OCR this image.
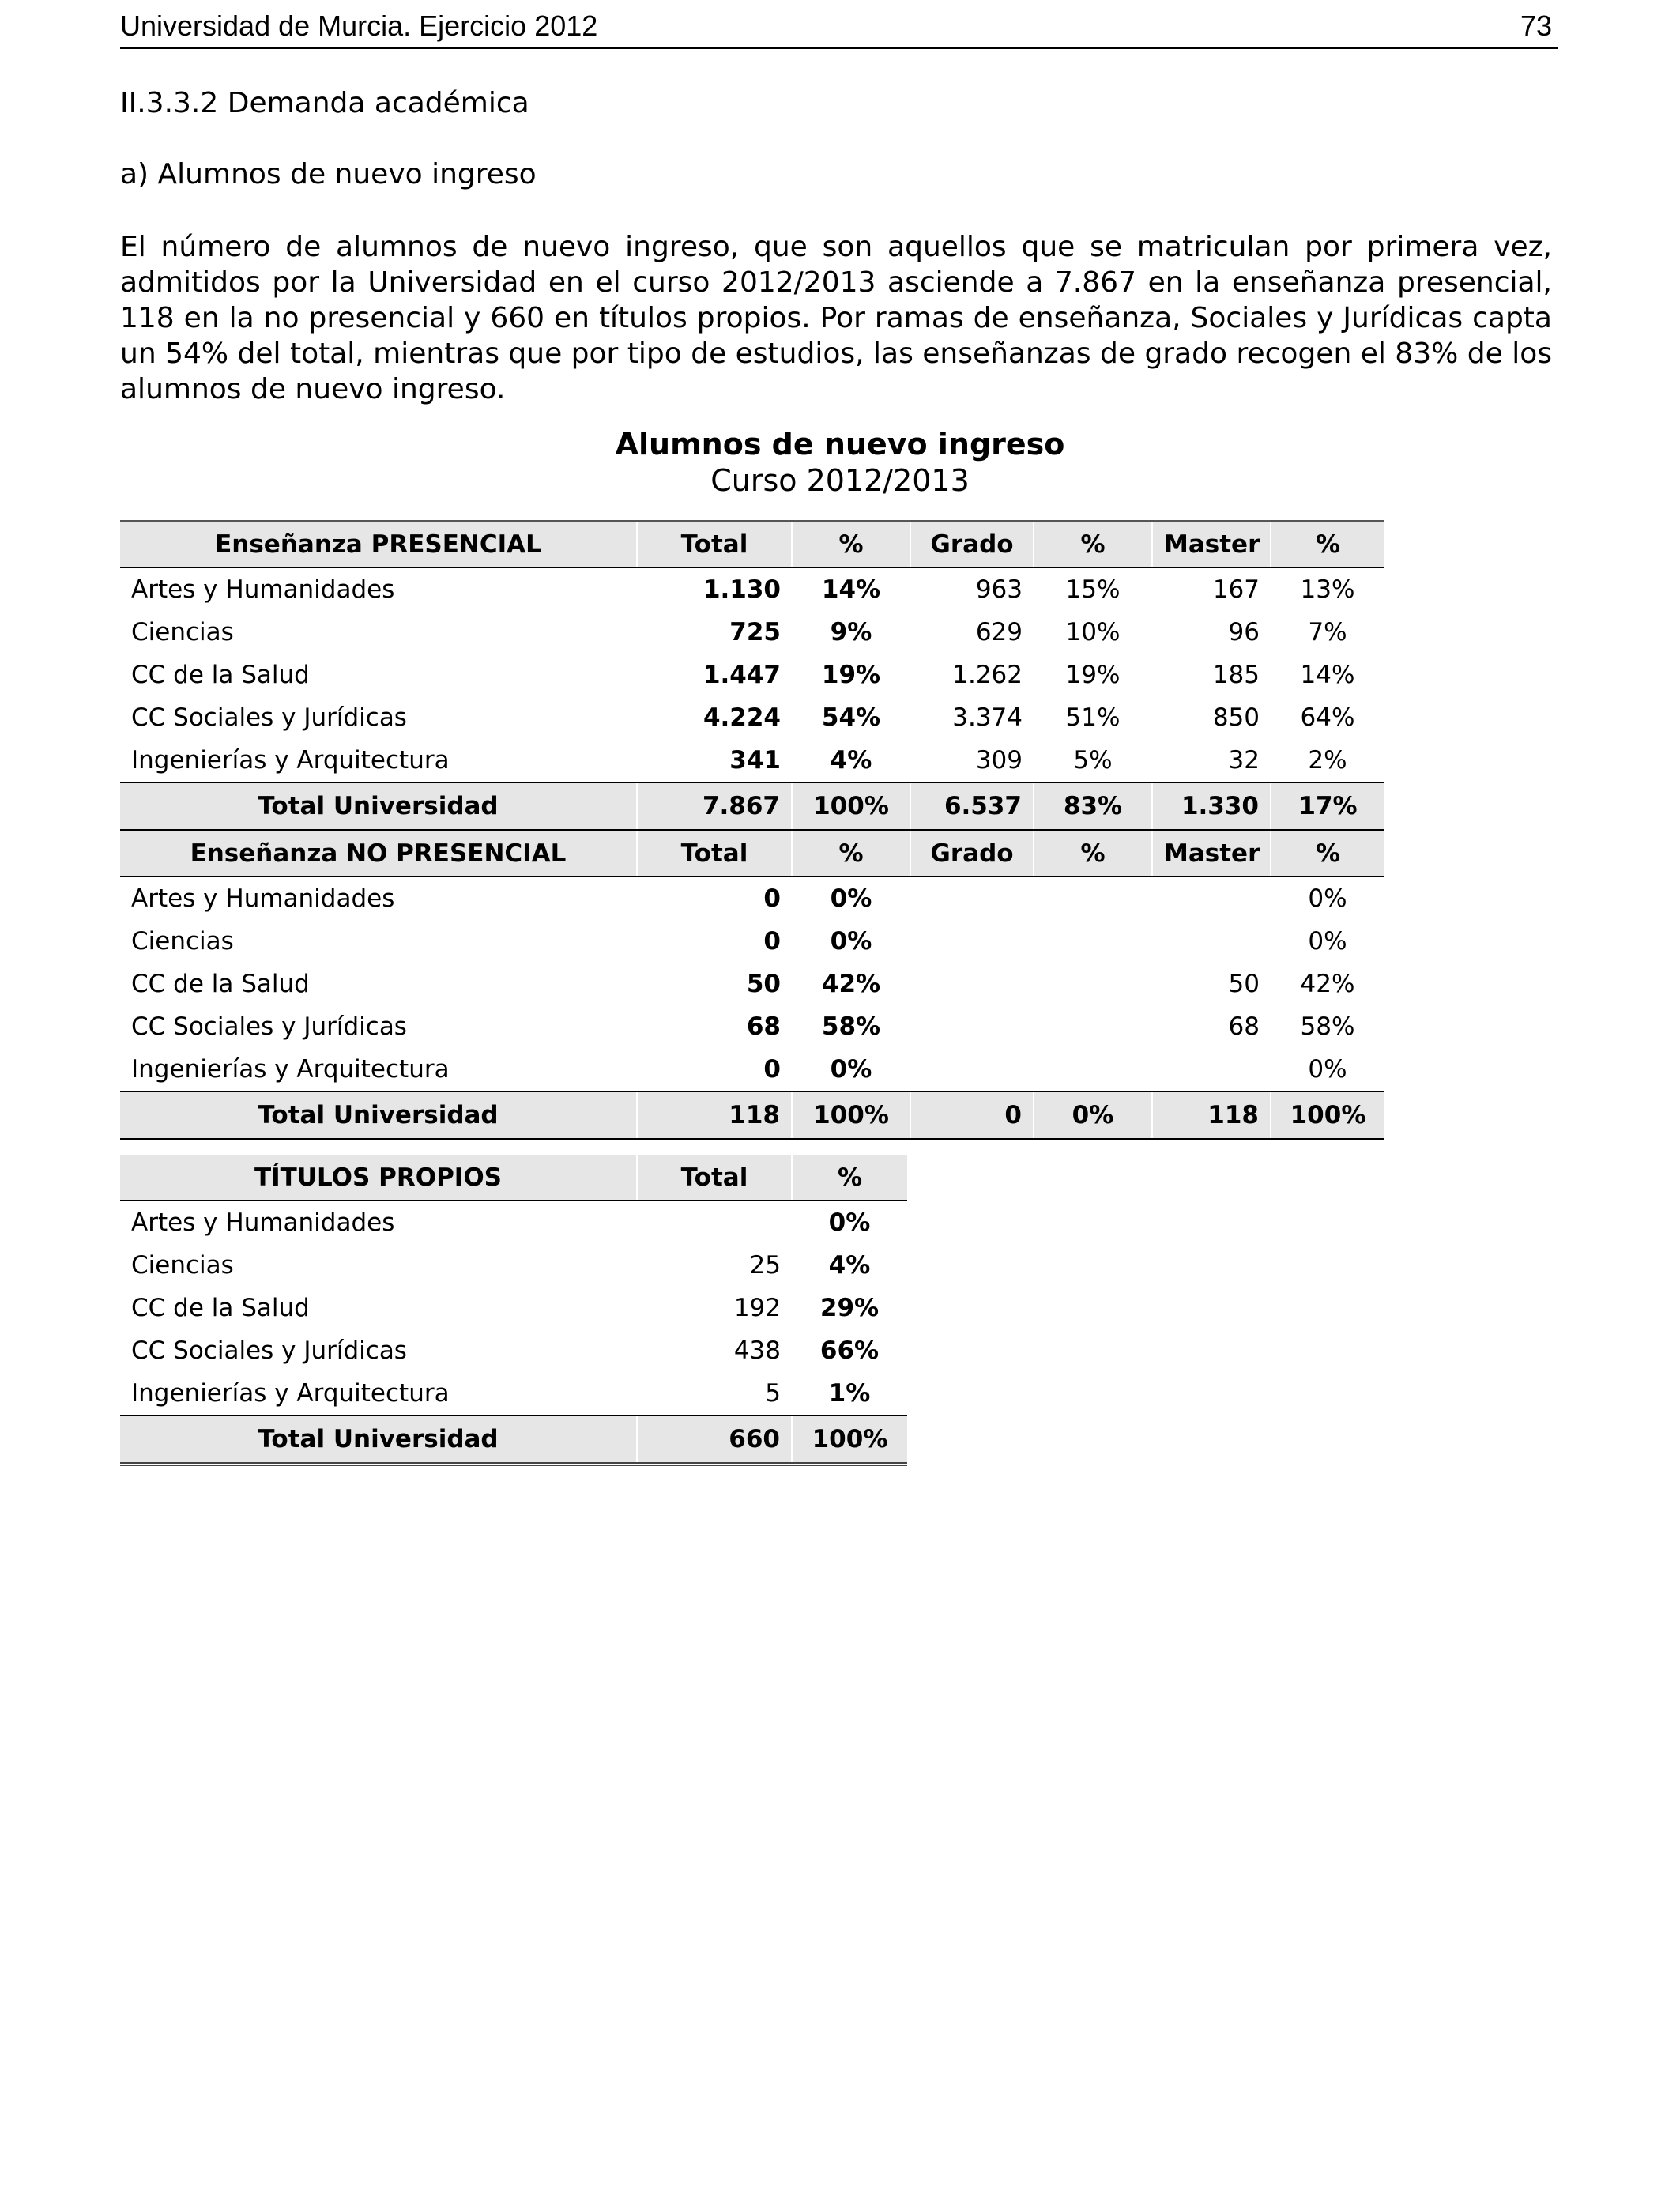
Universidad de Murcia. Ejercicio 2012	73
II.3.3.2 Demanda académica
a) Alumnos de nuevo ingreso

El número de alumnos de nuevo ingreso, que son aquellos que se matriculan por primera vez, admitidos por la Universidad en el curso 2012/2013 asciende a 7.867 en la enseñanza presencial, 118 en la no presencial y 660 en títulos propios. Por ramas de enseñanza, Sociales y Jurídicas capta un 54% del total, mientras que por tipo de estudios, las enseñanzas de grado recogen el 83% de los alumnos de nuevo ingreso.

Alumnos de nuevo ingreso
Curso 2012/2013
Enseñanza PRESENCIAL	Total	%	Grado	%	Master	%
Artes y Humanidades	1.130	14%	963	15%	167	13%
Ciencias	725	9%	629	10%	96	7%
CC de la Salud	1.447	19%	1.262	19%	185	14%
CC Sociales y Jurídicas	4.224	54%	3.374	51%	850	64%
Ingenierías y Arquitectura	341	4%	309	5%	32	2%
Total Universidad	7.867	100%	6.537	83%	1.330	17%
Enseñanza NO PRESENCIAL	Total	%	Grado	%	Master	%
Artes y Humanidades	0	0%				0%
Ciencias	0	0%				0%
CC de la Salud	50	42%			50	42%
CC Sociales y Jurídicas	68	58%			68	58%
Ingenierías y Arquitectura	0	0%				0%
Total Universidad	118	100%	0	0%	118	100%
TÍTULOS PROPIOS	Total	%
Artes y Humanidades		0%
Ciencias	25	4%
CC de la Salud	192	29%
CC Sociales y Jurídicas	438	66%
Ingenierías y Arquitectura	5	1%
Total Universidad	660	100%
